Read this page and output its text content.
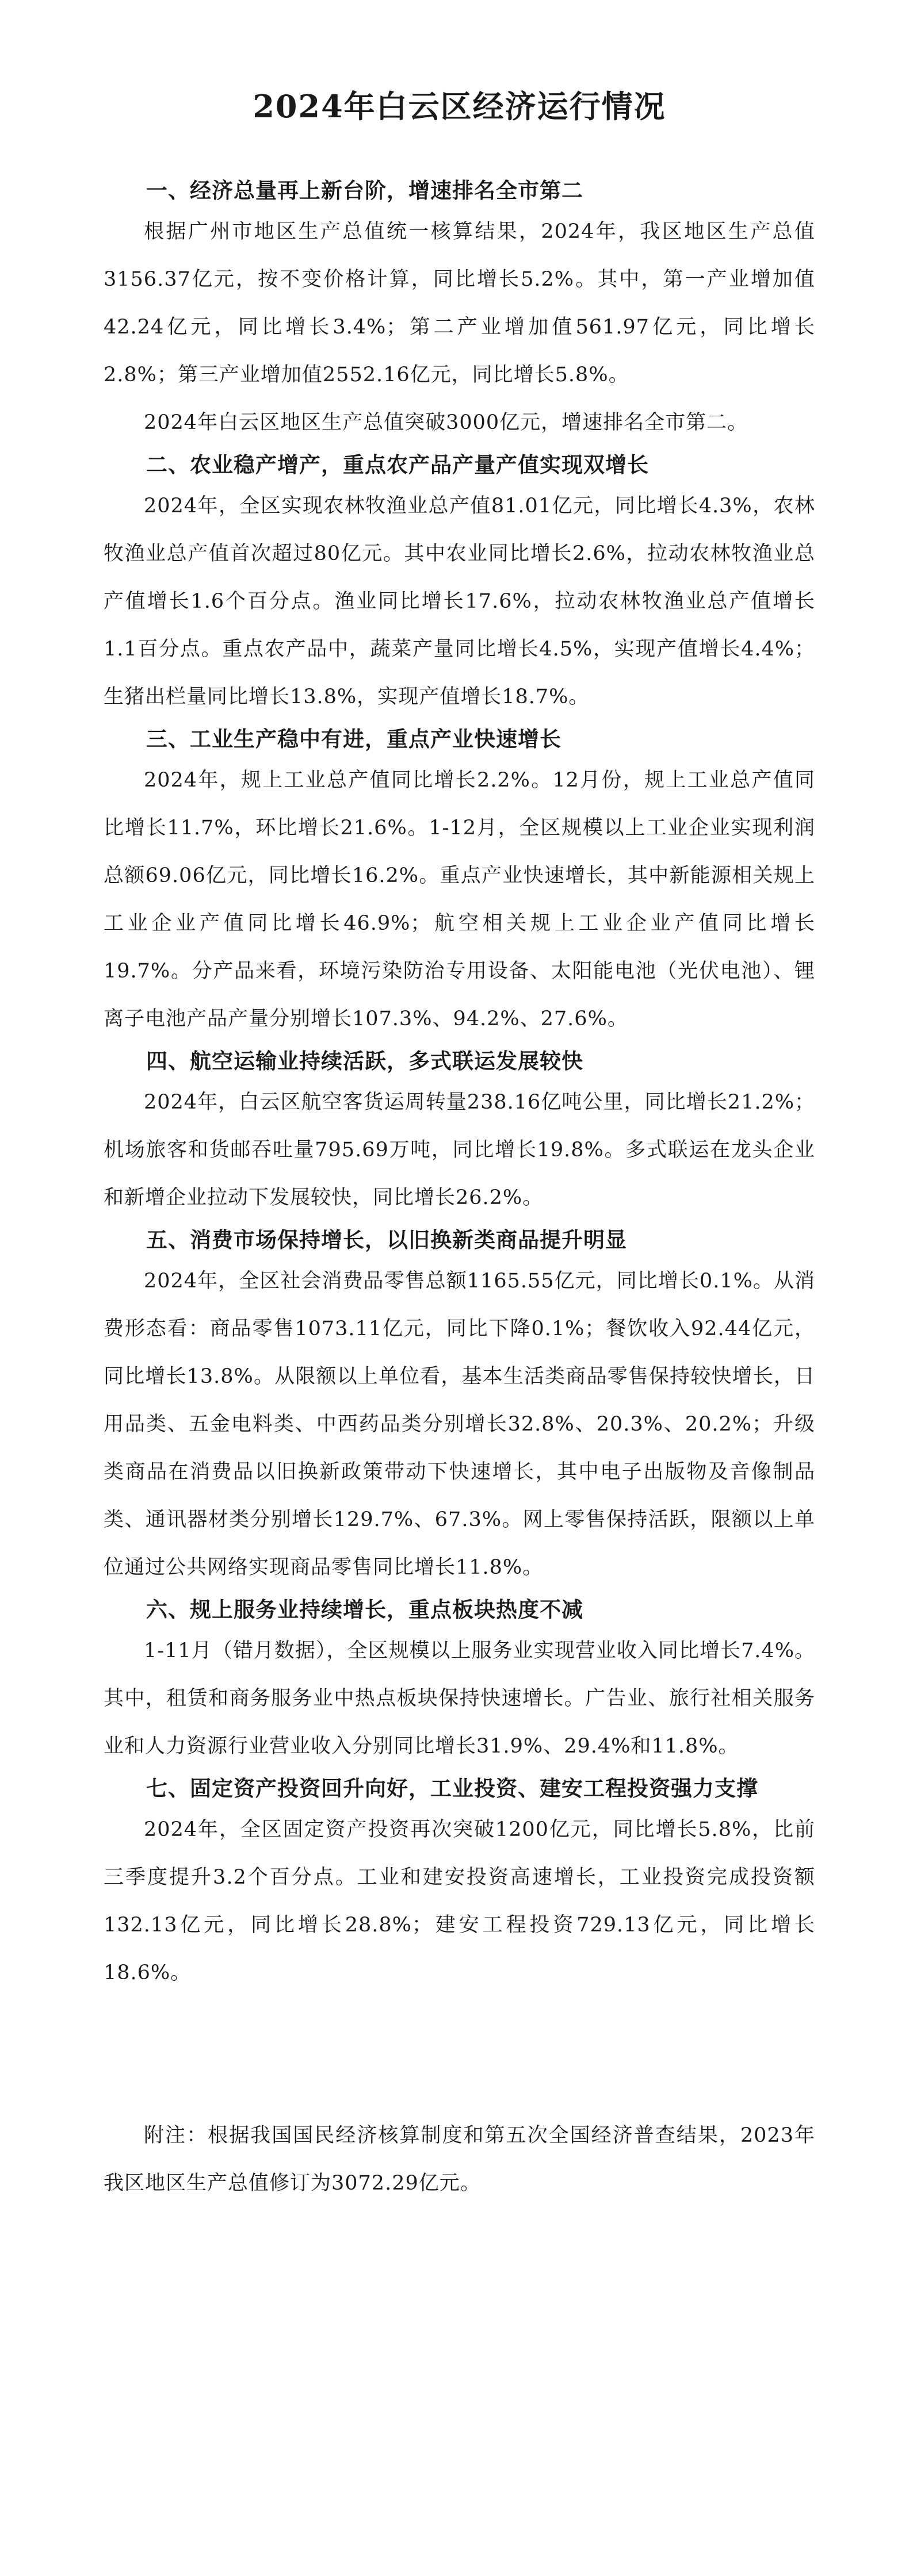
2024年白云区经济运行情况

一、经济总量再上新台阶，增速排名全市第二

根据广州市地区生产总值统一核算结果，2024年，我区地区生产总值3156.37亿元，按不变价格计算，同比增长5.2%。其中，第一产业增加值42.24亿元，同比增长3.4%；第二产业增加值561.97亿元，同比增长2.8%；第三产业增加值2552.16亿元，同比增长5.8%。

2024年白云区地区生产总值突破3000亿元，增速排名全市第二。

二、农业稳产增产，重点农产品产量产值实现双增长

2024年，全区实现农林牧渔业总产值81.01亿元，同比增长4.3%，农林牧渔业总产值首次超过80亿元。其中农业同比增长2.6%，拉动农林牧渔业总产值增长1.6个百分点。渔业同比增长17.6%，拉动农林牧渔业总产值增长1.1百分点。重点农产品中，蔬菜产量同比增长4.5%，实现产值增长4.4%；生猪出栏量同比增长13.8%，实现产值增长18.7%。

三、工业生产稳中有进，重点产业快速增长

2024年，规上工业总产值同比增长2.2%。12月份，规上工业总产值同比增长11.7%，环比增长21.6%。1-12月，全区规模以上工业企业实现利润总额69.06亿元，同比增长16.2%。重点产业快速增长，其中新能源相关规上工业企业产值同比增长46.9%；航空相关规上工业企业产值同比增长19.7%。分产品来看，环境污染防治专用设备、太阳能电池（光伏电池）、锂离子电池产品产量分别增长107.3%、94.2%、27.6%。

四、航空运输业持续活跃，多式联运发展较快

2024年，白云区航空客货运周转量238.16亿吨公里，同比增长21.2%；机场旅客和货邮吞吐量795.69万吨，同比增长19.8%。多式联运在龙头企业和新增企业拉动下发展较快，同比增长26.2%。

五、消费市场保持增长，以旧换新类商品提升明显

2024年，全区社会消费品零售总额1165.55亿元，同比增长0.1%。从消费形态看：商品零售1073.11亿元，同比下降0.1%；餐饮收入92.44亿元，同比增长13.8%。从限额以上单位看，基本生活类商品零售保持较快增长，日用品类、五金电料类、中西药品类分别增长32.8%、20.3%、20.2%；升级类商品在消费品以旧换新政策带动下快速增长，其中电子出版物及音像制品类、通讯器材类分别增长129.7%、67.3%。网上零售保持活跃，限额以上单位通过公共网络实现商品零售同比增长11.8%。

六、规上服务业持续增长，重点板块热度不减

1-11月（错月数据），全区规模以上服务业实现营业收入同比增长7.4%。其中，租赁和商务服务业中热点板块保持快速增长。广告业、旅行社相关服务业和人力资源行业营业收入分别同比增长31.9%、29.4%和11.8%。

七、固定资产投资回升向好，工业投资、建安工程投资强力支撑

2024年，全区固定资产投资再次突破1200亿元，同比增长5.8%，比前三季度提升3.2个百分点。工业和建安投资高速增长，工业投资完成投资额132.13亿元，同比增长28.8%；建安工程投资729.13亿元，同比增长18.6%。

附注：根据我国国民经济核算制度和第五次全国经济普查结果，2023年我区地区生产总值修订为3072.29亿元。
